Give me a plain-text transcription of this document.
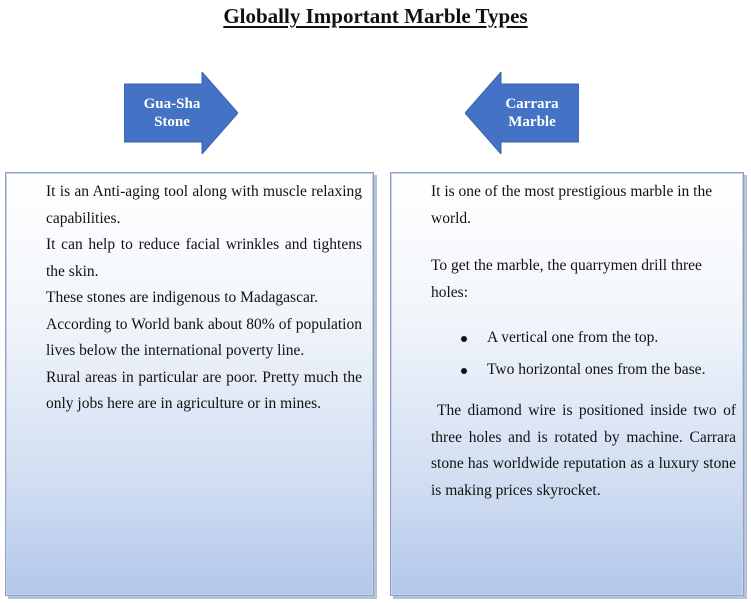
Globally Important Marble Types
Gua-Sha
Stone
Carrara
Marble

It is an Anti-aging tool along with muscle relaxing capabilities.

It can help to reduce facial wrinkles and tightens the skin.

These stones are indigenous to Madagascar.

According to World bank about 80% of population lives below the international poverty line.

Rural areas in particular are poor. Pretty much the only jobs here are in agriculture or in mines.

It is one of the most prestigious marble in the world.

To get the marble, the quarrymen drill three holes:

A vertical one from the top.
Two horizontal ones from the base.

The diamond wire is positioned inside two of three holes and is rotated by machine. Carrara stone has worldwide reputation as a luxury stone is making prices skyrocket.
